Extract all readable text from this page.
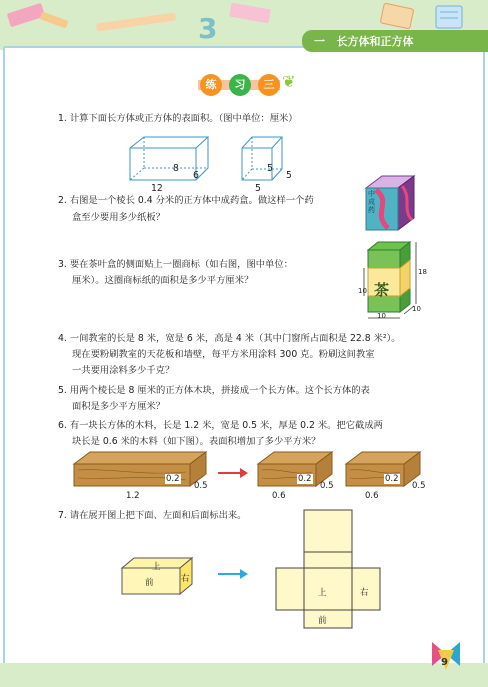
3	一   长方体和正方体
练	习	三 ❦
1. 计算下面长方体或正方体的表面积。（图中单位：厘米）
12
8
6
5
5
5
2. 右图是一个棱长 0.4 分米的正方体中成药盒。做这样一个药
盒至少要用多少纸板？
中成药
3. 要在茶叶盒的侧面贴上一圈商标（如右图，图中单位：
厘米）。这圈商标纸的面积是多少平方厘米？
茶
10
10
10
18
4. 一间教室的长是 8 米，宽是 6 米，高是 4 米（其中门窗所占面积是 22.8 米²）。
现在要粉刷教室的天花板和墙壁，每平方米用涂料 300 克。粉刷这间教室
一共要用涂料多少千克？
5. 用两个棱长是 8 厘米的正方体木块，拼接成一个长方体。这个长方体的表
面积是多少平方厘米？
6. 有一块长方体的木料，长是 1.2 米，宽是 0.5 米，厚是 0.2 米。把它截成两
块长是 0.6 米的木料（如下图）。表面积增加了多少平方米？
0.2
0.5
1.2
0.2
0.5
0.6
0.2
0.5
0.6
7. 请在展开图上把下面、左面和后面标出来。
上
前	右
上	右
前
9
